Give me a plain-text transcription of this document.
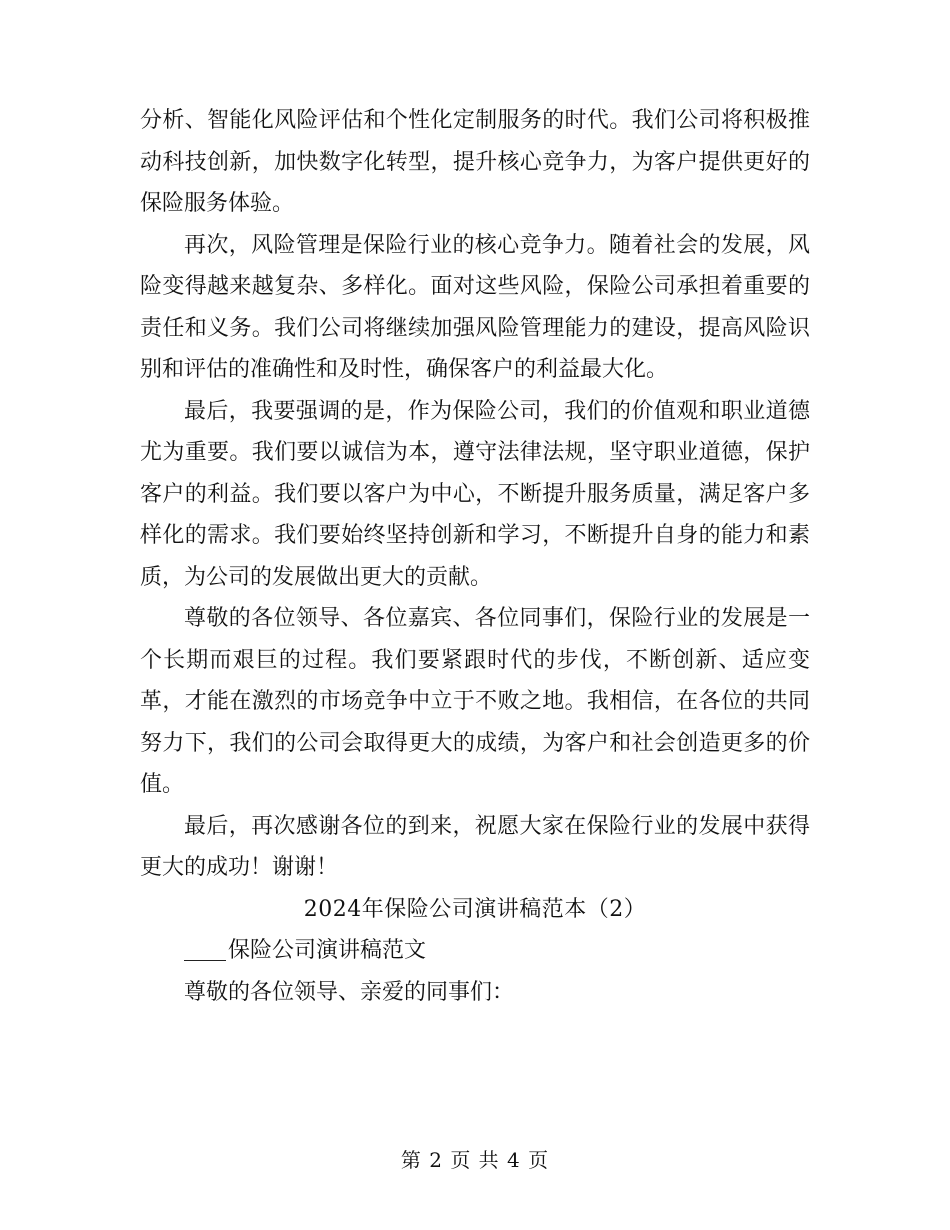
分析、智能化风险评估和个性化定制服务的时代。我们公司将积极推动科技创新，加快数字化转型，提升核心竞争力，为客户提供更好的保险服务体验。

再次，风险管理是保险行业的核心竞争力。随着社会的发展，风险变得越来越复杂、多样化。面对这些风险，保险公司承担着重要的责任和义务。我们公司将继续加强风险管理能力的建设，提高风险识别和评估的准确性和及时性，确保客户的利益最大化。

最后，我要强调的是，作为保险公司，我们的价值观和职业道德尤为重要。我们要以诚信为本，遵守法律法规，坚守职业道德，保护客户的利益。我们要以客户为中心，不断提升服务质量，满足客户多样化的需求。我们要始终坚持创新和学习，不断提升自身的能力和素质，为公司的发展做出更大的贡献。

尊敬的各位领导、各位嘉宾、各位同事们，保险行业的发展是一个长期而艰巨的过程。我们要紧跟时代的步伐，不断创新、适应变革，才能在激烈的市场竞争中立于不败之地。我相信，在各位的共同努力下，我们的公司会取得更大的成绩，为客户和社会创造更多的价值。

最后，再次感谢各位的到来，祝愿大家在保险行业的发展中获得更大的成功！谢谢！

2024年保险公司演讲稿范本（2）

保险公司演讲稿范文

尊敬的各位领导、亲爱的同事们：

第 2 页 共 4 页
